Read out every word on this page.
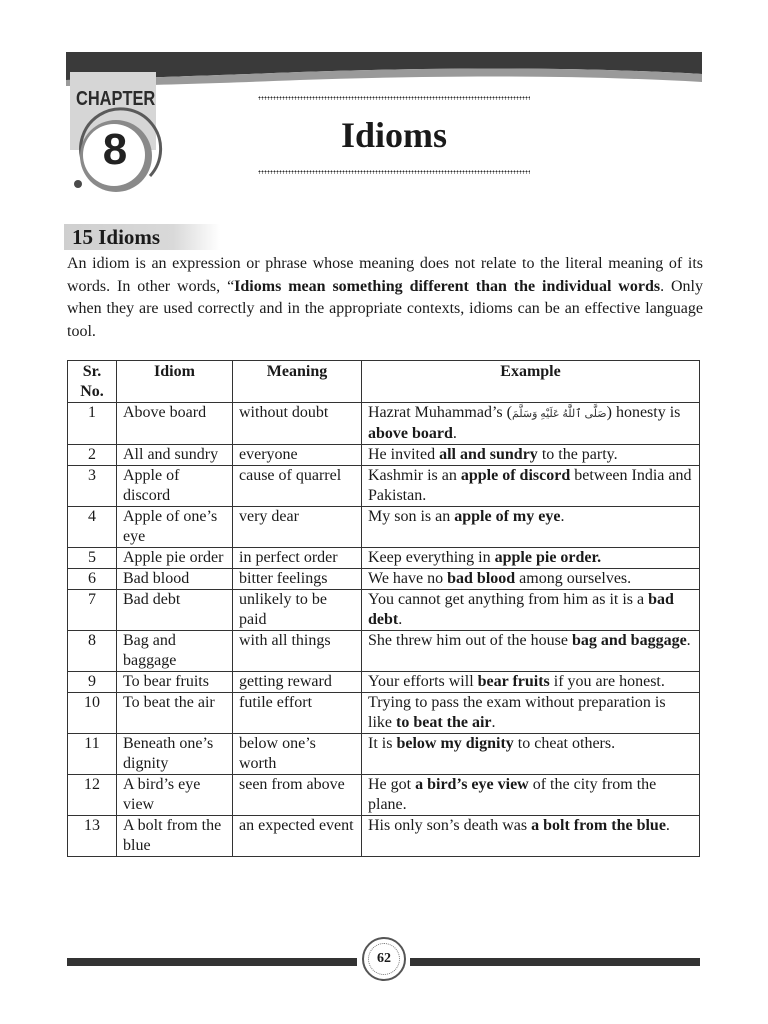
CHAPTER
8	Idioms
15 Idioms

An idiom is an expression or phrase whose meaning does not relate to the literal meaning of its words. In other words, “Idioms mean something different than the individual words. Only when they are used correctly and in the appropriate contexts, idioms can be an effective language tool.

Sr. No.	Idiom	Meaning	Example
1	Above board	without doubt	Hazrat Muhammad’s (صَلَّى ٱللَّٰهُ عَلَيْهِ وَسَلَّمَ) honesty is above board.
2	All and sundry	everyone	He invited all and sundry to the party.
3	Apple of discord	cause of quarrel	Kashmir is an apple of discord between India and Pakistan.
4	Apple of one’s eye	very dear	My son is an apple of my eye.
5	Apple pie order	in perfect order	Keep everything in apple pie order.
6	Bad blood	bitter feelings	We have no bad blood among ourselves.
7	Bad debt	unlikely to be paid	You cannot get anything from him as it is a bad debt.
8	Bag and baggage	with all things	She threw him out of the house bag and baggage.
9	To bear fruits	getting reward	Your efforts will bear fruits if you are honest.
10	To beat the air	futile effort	Trying to pass the exam without preparation is like to beat the air.
11	Beneath one’s dignity	below one’s worth	It is below my dignity to cheat others.
12	A bird’s eye view	seen from above	He got a bird’s eye view of the city from the plane.
13	A bolt from the blue	an expected event	His only son’s death was a bolt from the blue.
62
